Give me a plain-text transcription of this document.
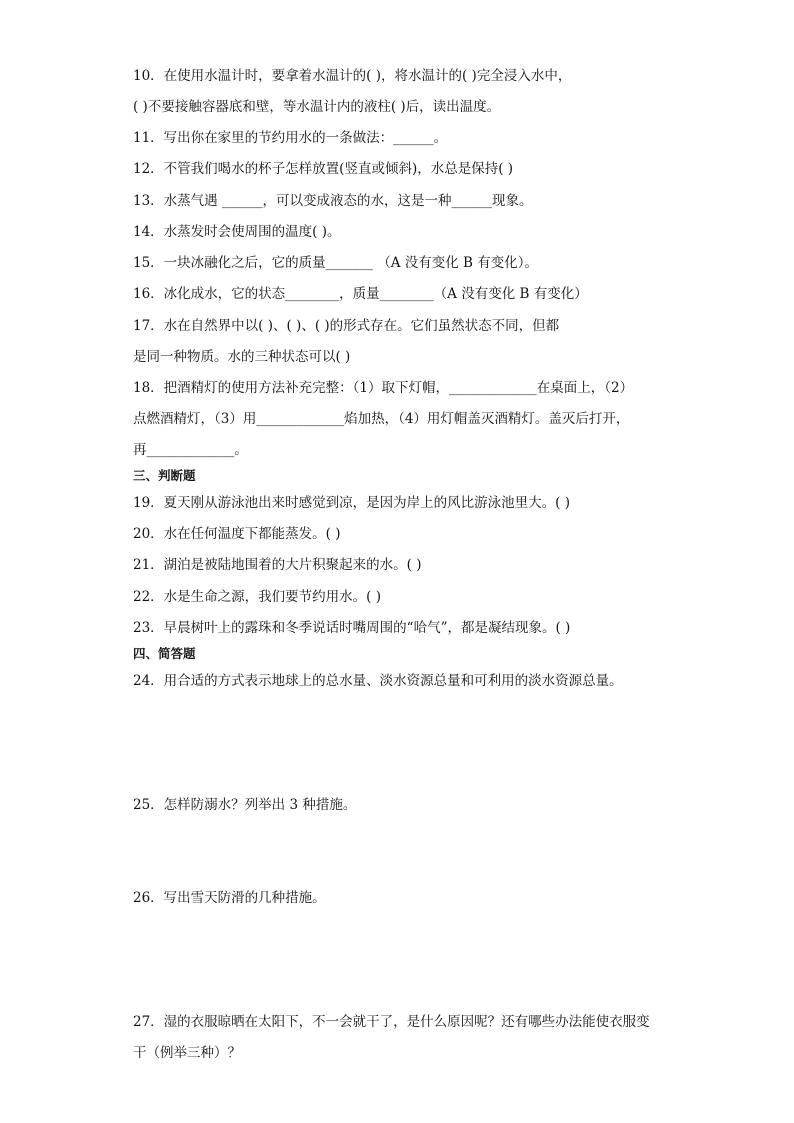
10．在使用水温计时，要拿着水温计的( )，将水温计的( )完全浸入水中，
( )不要接触容器底和壁，等水温计内的液柱( )后，读出温度。
11．写出你在家里的节约用水的一条做法：______。
12．不管我们喝水的杯子怎样放置(竖直或倾斜)，水总是保持( )
13．水蒸气遇 ______，可以变成液态的水，这是一种______现象。
14．水蒸发时会使周围的温度( )。
15．一块冰融化之后，它的质量_______ （A 没有变化 B 有变化）。
16．冰化成水，它的状态________，质量________（A 没有变化 B 有变化）
17．水在自然界中以( )、( )、( )的形式存在。它们虽然状态不同，但都
是同一种物质。水的三种状态可以( )
18．把酒精灯的使用方法补充完整：（1）取下灯帽，_____________在桌面上，（2）
点燃酒精灯，（3）用_____________焰加热，（4）用灯帽盖灭酒精灯。盖灭后打开，
再_____________。
三、判断题
19．夏天刚从游泳池出来时感觉到凉，是因为岸上的风比游泳池里大。( )
20．水在任何温度下都能蒸发。( )
21．湖泊是被陆地围着的大片积聚起来的水。( )
22．水是生命之源，我们要节约用水。( )
23．早晨树叶上的露珠和冬季说话时嘴周围的“哈气”，都是凝结现象。( )
四、简答题
24．用合适的方式表示地球上的总水量、淡水资源总量和可利用的淡水资源总量。
25．怎样防溺水？列举出 3 种措施。
26．写出雪天防滑的几种措施。
27．湿的衣服晾晒在太阳下，不一会就干了，是什么原因呢？还有哪些办法能使衣服变
干（例举三种）？
